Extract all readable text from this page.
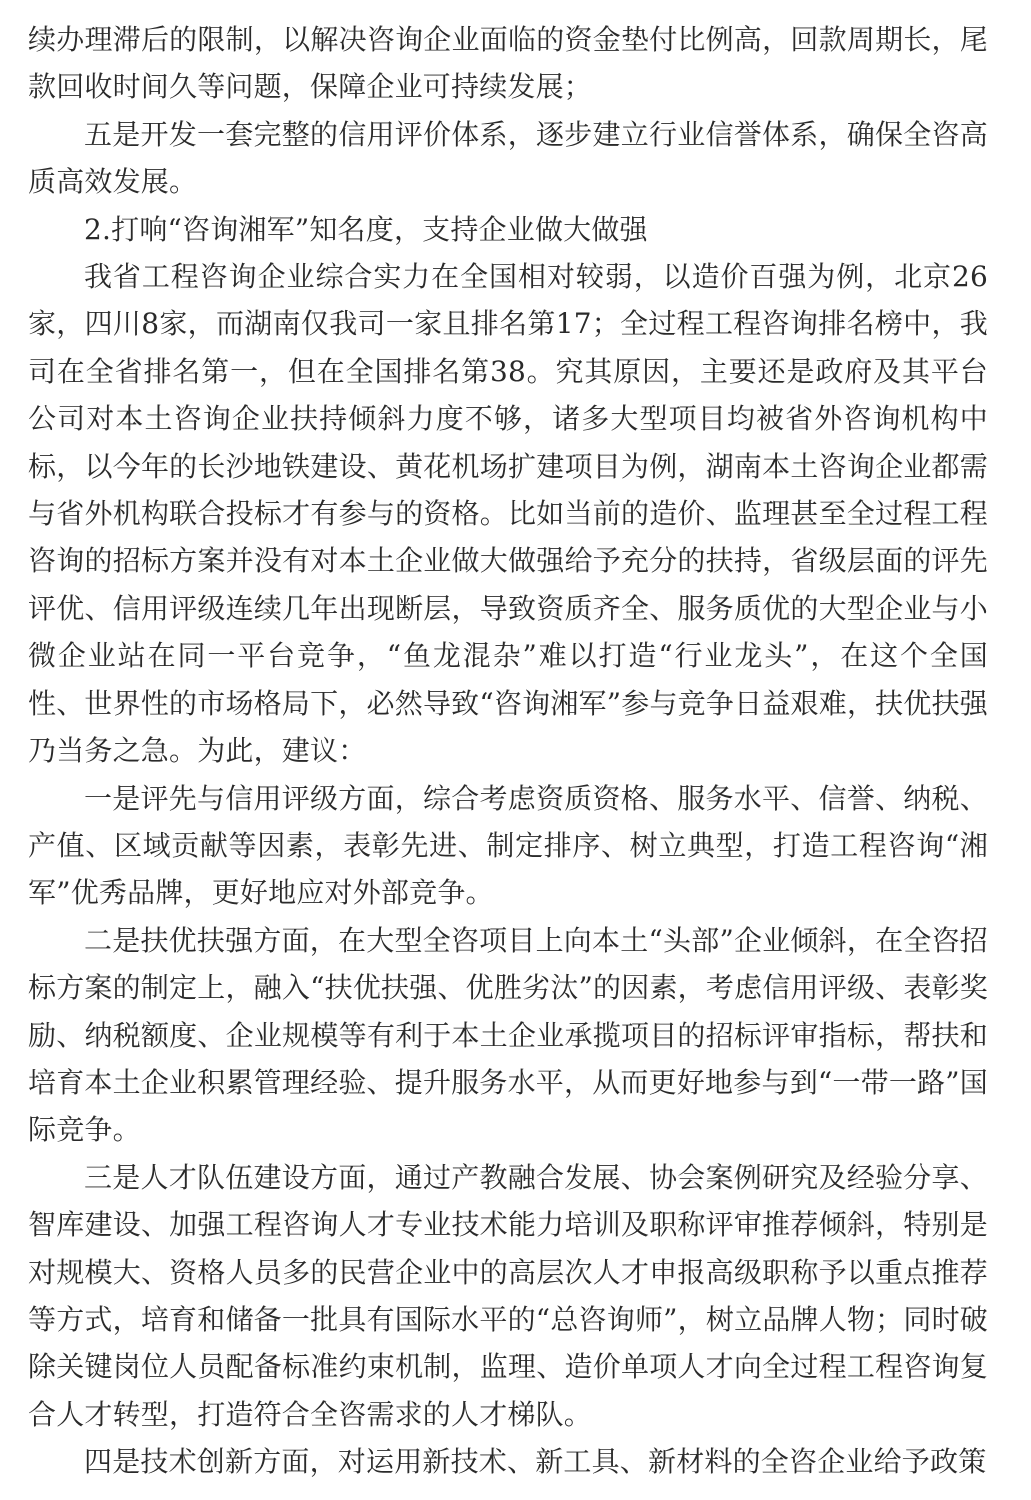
续办理滞后的限制，以解决咨询企业面临的资金垫付比例高，回款周期长，尾款回收时间久等问题，保障企业可持续发展；

五是开发一套完整的信用评价体系，逐步建立行业信誉体系，确保全咨高质高效发展。

2.打响“咨询湘军”知名度，支持企业做大做强

我省工程咨询企业综合实力在全国相对较弱，以造价百强为例，北京26家，四川8家，而湖南仅我司一家且排名第17；全过程工程咨询排名榜中，我司在全省排名第一，但在全国排名第38。究其原因，主要还是政府及其平台公司对本土咨询企业扶持倾斜力度不够，诸多大型项目均被省外咨询机构中标，以今年的长沙地铁建设、黄花机场扩建项目为例，湖南本土咨询企业都需与省外机构联合投标才有参与的资格。比如当前的造价、监理甚至全过程工程咨询的招标方案并没有对本土企业做大做强给予充分的扶持，省级层面的评先评优、信用评级连续几年出现断层，导致资质齐全、服务质优的大型企业与小微企业站在同一平台竞争，“鱼龙混杂”难以打造“行业龙头”，在这个全国性、世界性的市场格局下，必然导致“咨询湘军”参与竞争日益艰难，扶优扶强乃当务之急。为此，建议：

一是评先与信用评级方面，综合考虑资质资格、服务水平、信誉、纳税、产值、区域贡献等因素，表彰先进、制定排序、树立典型，打造工程咨询“湘军”优秀品牌，更好地应对外部竞争。

二是扶优扶强方面，在大型全咨项目上向本土“头部”企业倾斜，在全咨招标方案的制定上，融入“扶优扶强、优胜劣汰”的因素，考虑信用评级、表彰奖励、纳税额度、企业规模等有利于本土企业承揽项目的招标评审指标，帮扶和培育本土企业积累管理经验、提升服务水平，从而更好地参与到“一带一路”国际竞争。

三是人才队伍建设方面，通过产教融合发展、协会案例研究及经验分享、智库建设、加强工程咨询人才专业技术能力培训及职称评审推荐倾斜，特别是对规模大、资格人员多的民营企业中的高层次人才申报高级职称予以重点推荐等方式，培育和储备一批具有国际水平的“总咨询师”，树立品牌人物；同时破除关键岗位人员配备标准约束机制，监理、造价单项人才向全过程工程咨询复合人才转型，打造符合全咨需求的人才梯队。

四是技术创新方面，对运用新技术、新工具、新材料的全咨企业给予政策
